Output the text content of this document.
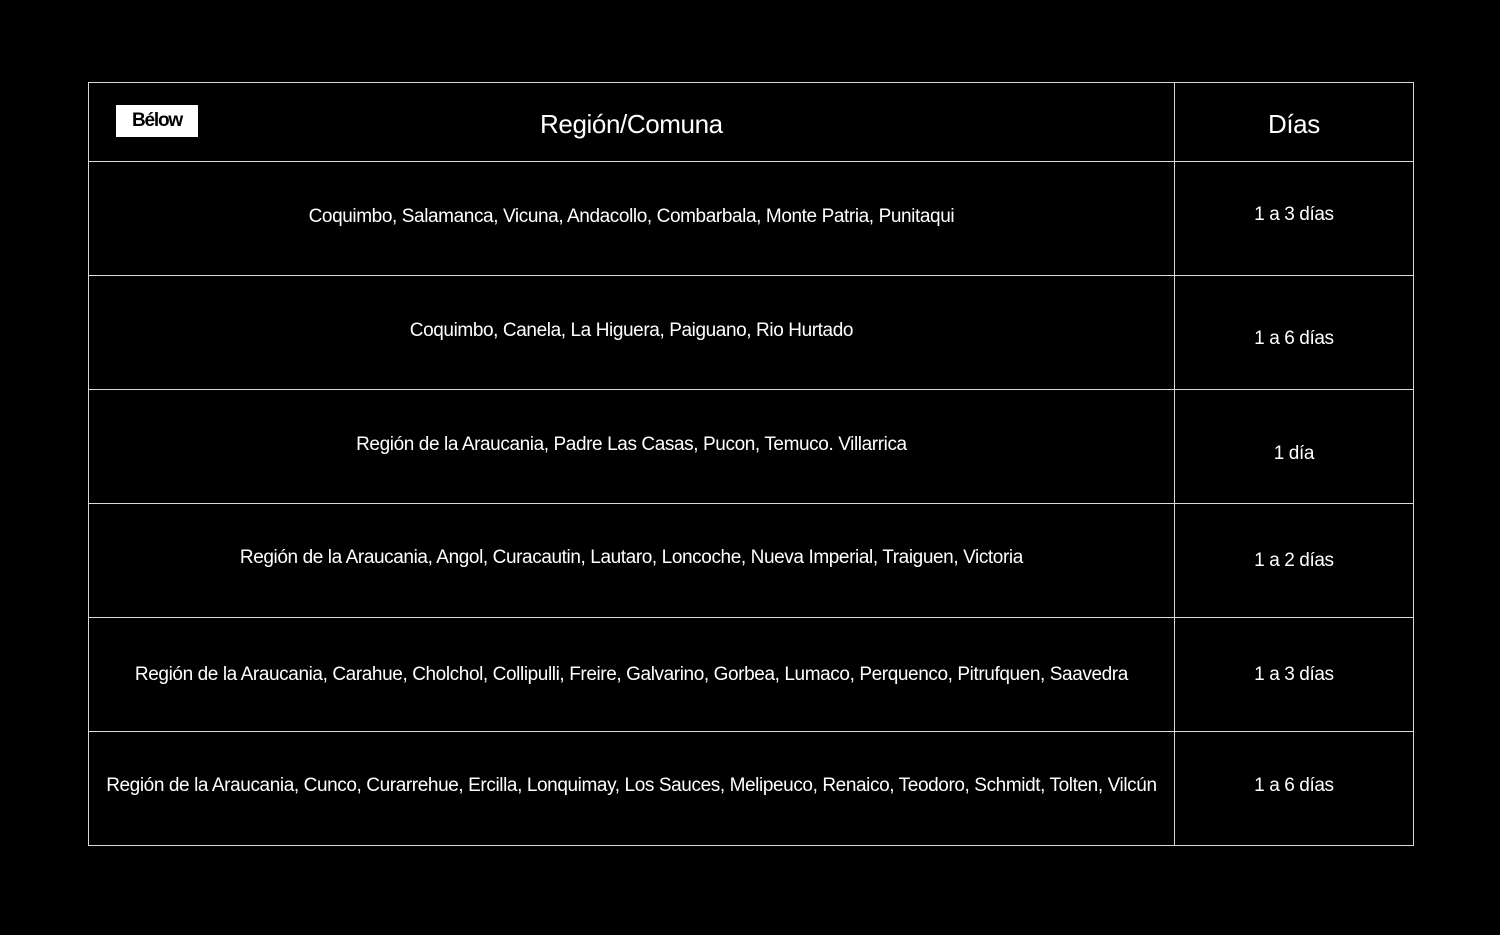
Bélow Región/Comuna	Días
Coquimbo, Salamanca, Vicuna, Andacollo, Combarbala, Monte Patria, Punitaqui	1 a 3 días
Coquimbo, Canela, La Higuera, Paiguano, Rio Hurtado	1 a 6 días
Región de la Araucania, Padre Las Casas, Pucon, Temuco. Villarrica	1 día
Región de la Araucania, Angol, Curacautin, Lautaro, Loncoche, Nueva Imperial, Traiguen, Victoria	1 a 2 días
Región de la Araucania, Carahue, Cholchol, Collipulli, Freire, Galvarino, Gorbea, Lumaco, Perquenco, Pitrufquen, Saavedra	1 a 3 días
Región de la Araucania, Cunco, Curarrehue, Ercilla, Lonquimay, Los Sauces, Melipeuco, Renaico, Teodoro, Schmidt, Tolten, Vilcún	1 a 6 días
